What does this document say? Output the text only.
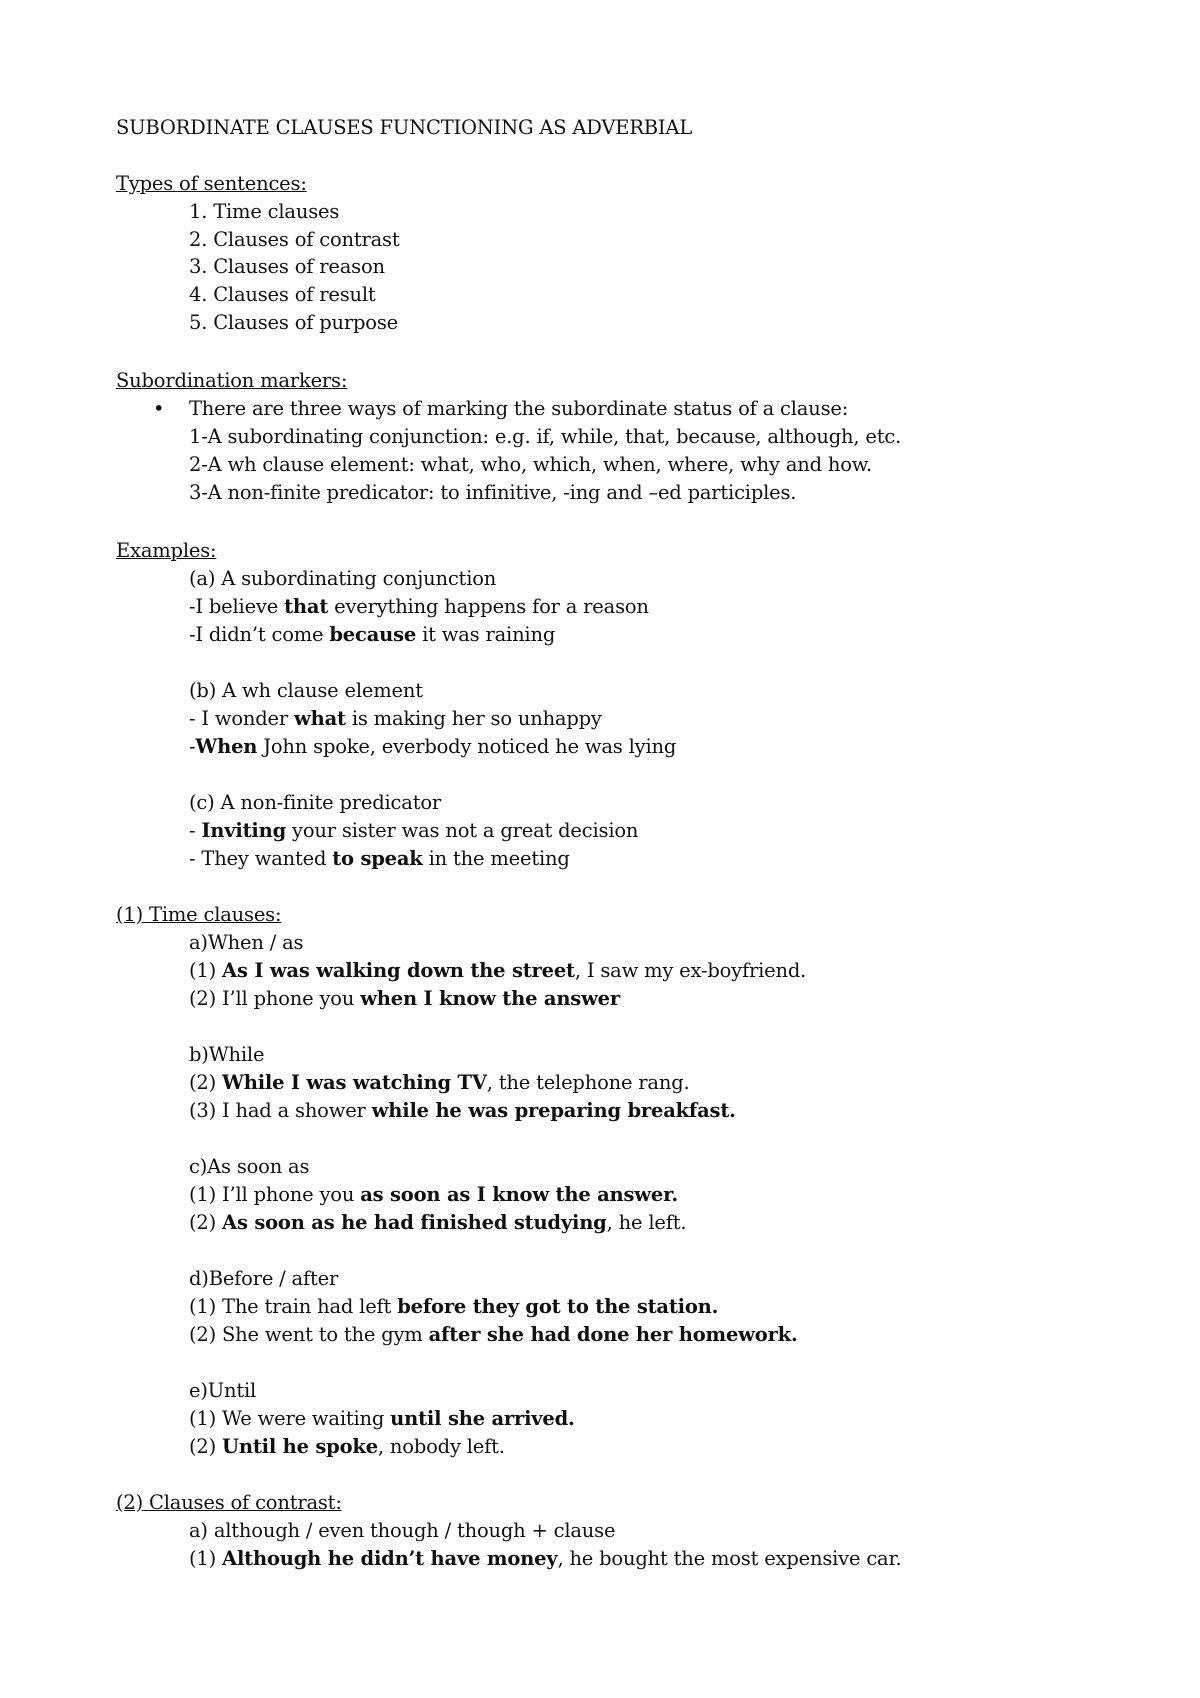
SUBORDINATE CLAUSES FUNCTIONING AS ADVERBIAL
Types of sentences:
1. Time clauses
2. Clauses of contrast
3. Clauses of reason
4. Clauses of result
5. Clauses of purpose
Subordination markers:
• There are three ways of marking the subordinate status of a clause:
1-A subordinating conjunction: e.g. if, while, that, because, although, etc.
2-A wh clause element: what, who, which, when, where, why and how.
3-A non-finite predicator: to infinitive, -ing and –ed participles.
Examples:
(a) A subordinating conjunction
-I believe that everything happens for a reason
-I didn’t come because it was raining
(b) A wh clause element
- I wonder what is making her so unhappy
-When John spoke, everbody noticed he was lying
(c) A non-finite predicator
- Inviting your sister was not a great decision
- They wanted to speak in the meeting
(1) Time clauses:
a)When / as
(1) As I was walking down the street, I saw my ex-boyfriend.
(2) I’ll phone you when I know the answer
b)While
(2) While I was watching TV, the telephone rang.
(3) I had a shower while he was preparing breakfast.
c)As soon as
(1) I’ll phone you as soon as I know the answer.
(2) As soon as he had finished studying, he left.
d)Before / after
(1) The train had left before they got to the station.
(2) She went to the gym after she had done her homework.
e)Until
(1) We were waiting until she arrived.
(2) Until he spoke, nobody left.
(2) Clauses of contrast:
a) although / even though / though + clause
(1) Although he didn’t have money, he bought the most expensive car.
